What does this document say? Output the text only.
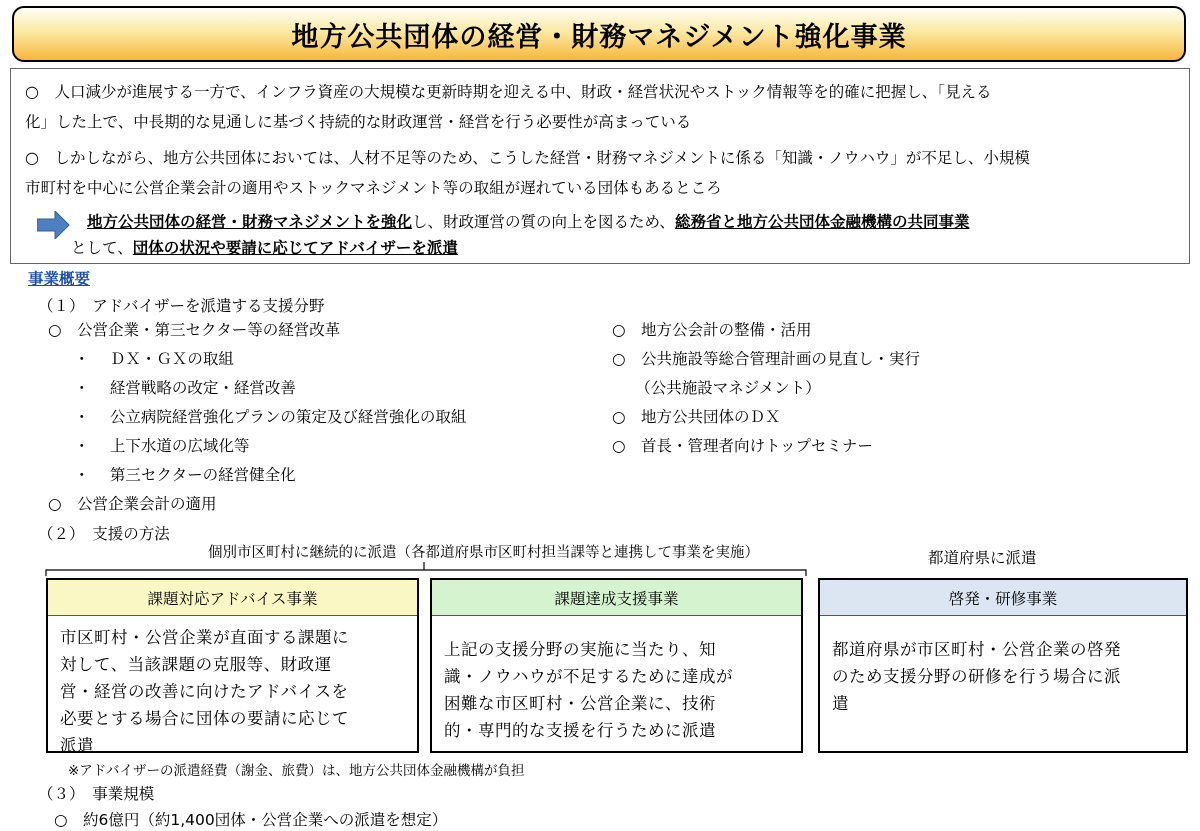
地方公共団体の経営・財務マネジメント強化事業
○　 人口減少が進展する一方で、インフラ資産の大規模な更新時期を迎える中、財政・経営状況やストック情報等を的確に把握し、「見える
化」した上で、中長期的な見通しに基づく持続的な財政運営・経営を行う必要性が高まっている
○　 しかしながら、地方公共団体においては、人材不足等のため、こうした経営・財務マネジメントに係る「知識・ノウハウ」が不足し、小規模
市町村を中心に公営企業会計の適用やストックマネジメント等の取組が遅れている団体もあるところ
地方公共団体の経営・財務マネジメントを強化し、財政運営の質の向上を図るため、総務省と地方公共団体金融機構の共同事業
として、団体の状況や要請に応じてアドバイザーを派遣
事業概要
（１）　アドバイザーを派遣する支援分野
○　公営企業・第三セクター等の経営改革
・　 ＤＸ・ＧＸの取組
・　 経営戦略の改定・経営改善
・　 公立病院経営強化プランの策定及び経営強化の取組
・　 上下水道の広域化等
・　 第三セクターの経営健全化
○　公営企業会計の適用
○　地方公会計の整備・活用
○　公共施設等総合管理計画の見直し・実行
　　（公共施設マネジメント）
○　地方公共団体のＤＸ
○　首長・管理者向けトップセミナー
（２）　支援の方法
個別市区町村に継続的に派遣（各都道府県市区町村担当課等と連携して事業を実施）	都道府県に派遣
課題対応アドバイス事業
市区町村・公営企業が直面する課題に
対して、当該課題の克服等、財政運
営・経営の改善に向けたアドバイスを
必要とする場合に団体の要請に応じて
派遣
課題達成支援事業
上記の支援分野の実施に当たり、知
識・ノウハウが不足するために達成が
困難な市区町村・公営企業に、技術
的・専門的な支援を行うために派遣
啓発・研修事業
都道府県が市区町村・公営企業の啓発
のため支援分野の研修を行う場合に派
遣
※アドバイザーの派遣経費（謝金、旅費）は、地方公共団体金融機構が負担
（３）　事業規模
○　約6億円（約1,400団体・公営企業への派遣を想定）
